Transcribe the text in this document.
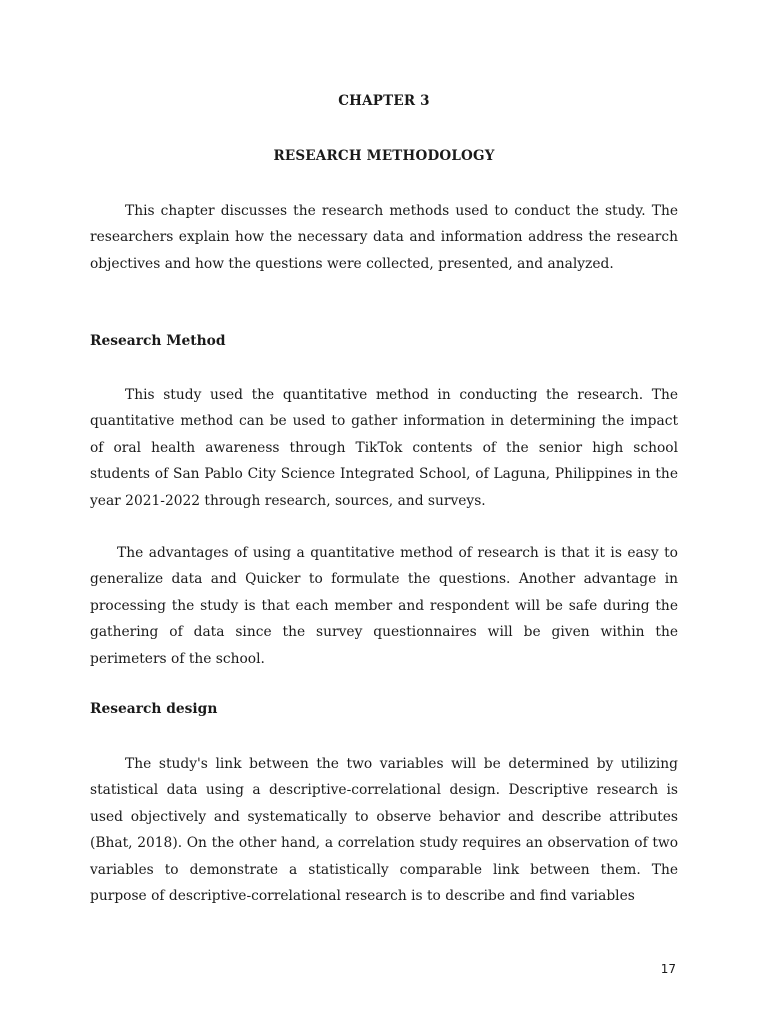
CHAPTER 3
RESEARCH METHODOLOGY

This chapter discusses the research methods used to conduct the study. The researchers explain how the necessary data and information address the research objectives and how the questions were collected, presented, and analyzed.

Research Method

This study used the quantitative method in conducting the research. The quantitative method can be used to gather information in determining the impact of oral health awareness through TikTok contents of the senior high school students of San Pablo City Science Integrated School, of Laguna, Philippines in the year 2021-2022 through research, sources, and surveys.

The advantages of using a quantitative method of research is that it is easy to generalize data and Quicker to formulate the questions. Another advantage in processing the study is that each member and respondent will be safe during the gathering of data since the survey questionnaires will be given within the perimeters of the school.

Research design

The study's link between the two variables will be determined by utilizing statistical data using a descriptive-correlational design. Descriptive research is used objectively and systematically to observe behavior and describe attributes (Bhat, 2018). On the other hand, a correlation study requires an observation of two variables to demonstrate a statistically comparable link between them. The purpose of descriptive-correlational research is to describe and find variables

17
